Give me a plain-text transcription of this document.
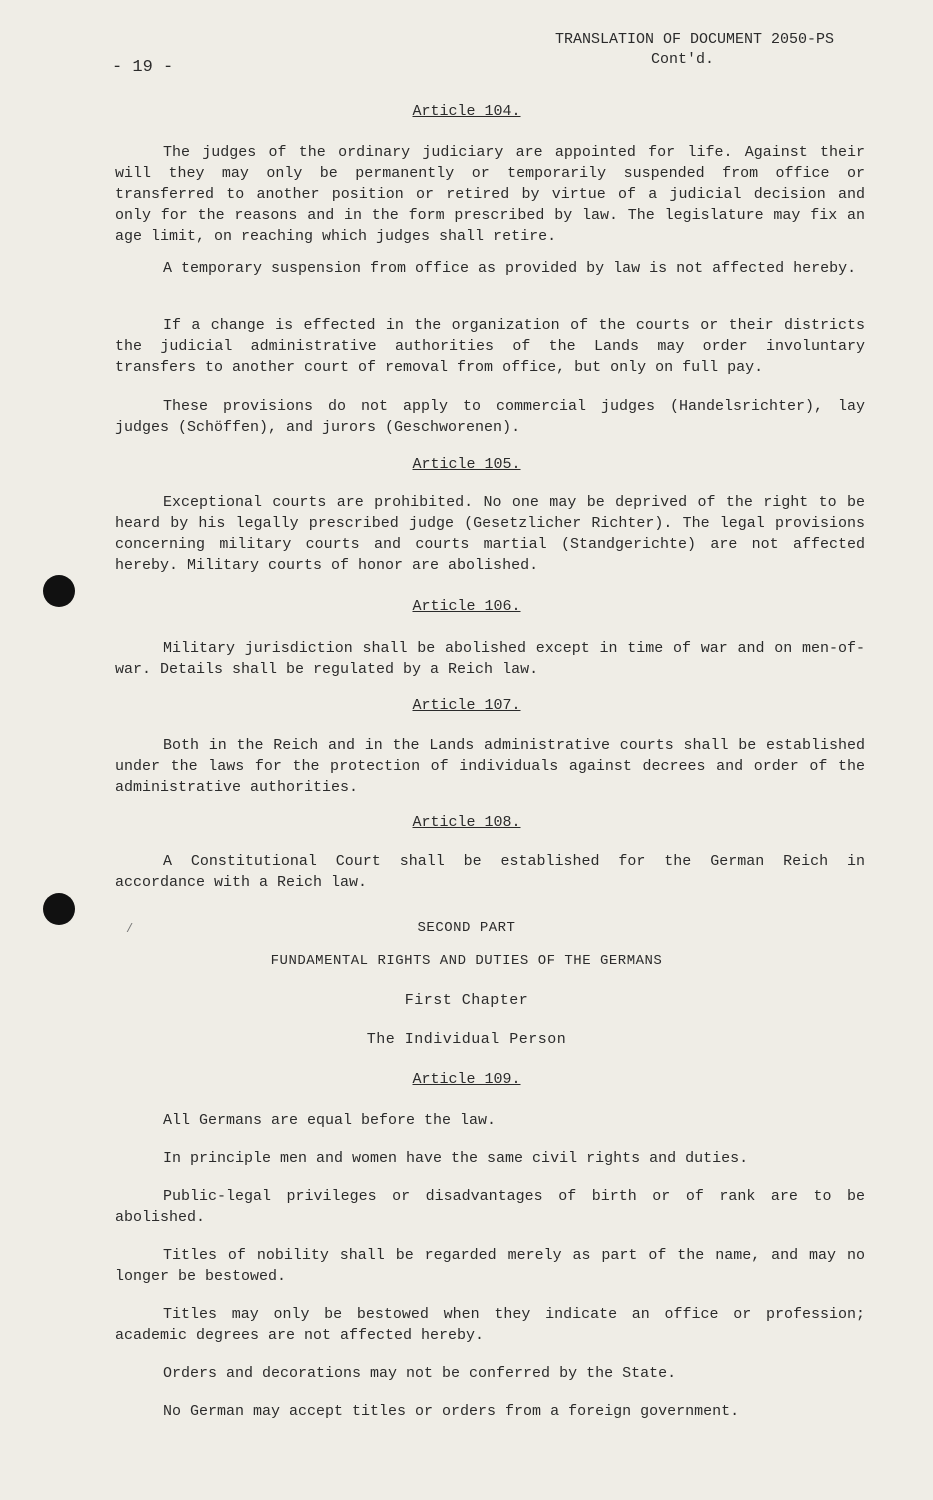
- 19 -
TRANSLATION OF DOCUMENT 2050-PS
Cont'd.
Article 104.
The judges of the ordinary judiciary are appointed for life. Against their will they may only be permanently or temporarily suspended from office or transferred to another position or retired by virtue of a judicial decision and only for the reasons and in the form prescribed by law. The legislature may fix an age limit, on reaching which judges shall retire.
A temporary suspension from office as provided by law is not affected hereby.
If a change is effected in the organization of the courts or their districts the judicial administrative authorities of the Lands may order involuntary transfers to another court of removal from office, but only on full pay.
These provisions do not apply to commercial judges (Handelsrichter), lay judges (Schöffen), and jurors (Geschworenen).
Article 105.
Exceptional courts are prohibited. No one may be deprived of the right to be heard by his legally prescribed judge (Gesetzlicher Richter). The legal provisions concerning military courts and courts martial (Standgerichte) are not affected hereby. Military courts of honor are abolished.
Article 106.
Military jurisdiction shall be abolished except in time of war and on men-of-war. Details shall be regulated by a Reich law.
Article 107.
Both in the Reich and in the Lands administrative courts shall be established under the laws for the protection of individuals against decrees and order of the administrative authorities.
Article 108.
A Constitutional Court shall be established for the German Reich in accordance with a Reich law.
/	SECOND PART
FUNDAMENTAL RIGHTS AND DUTIES OF THE GERMANS
First Chapter
The Individual Person
Article 109.
All Germans are equal before the law.
In principle men and women have the same civil rights and duties.
Public-legal privileges or disadvantages of birth or of rank are to be abolished.
Titles of nobility shall be regarded merely as part of the name, and may no longer be bestowed.
Titles may only be bestowed when they indicate an office or profession; academic degrees are not affected hereby.
Orders and decorations may not be conferred by the State.
No German may accept titles or orders from a foreign government.
